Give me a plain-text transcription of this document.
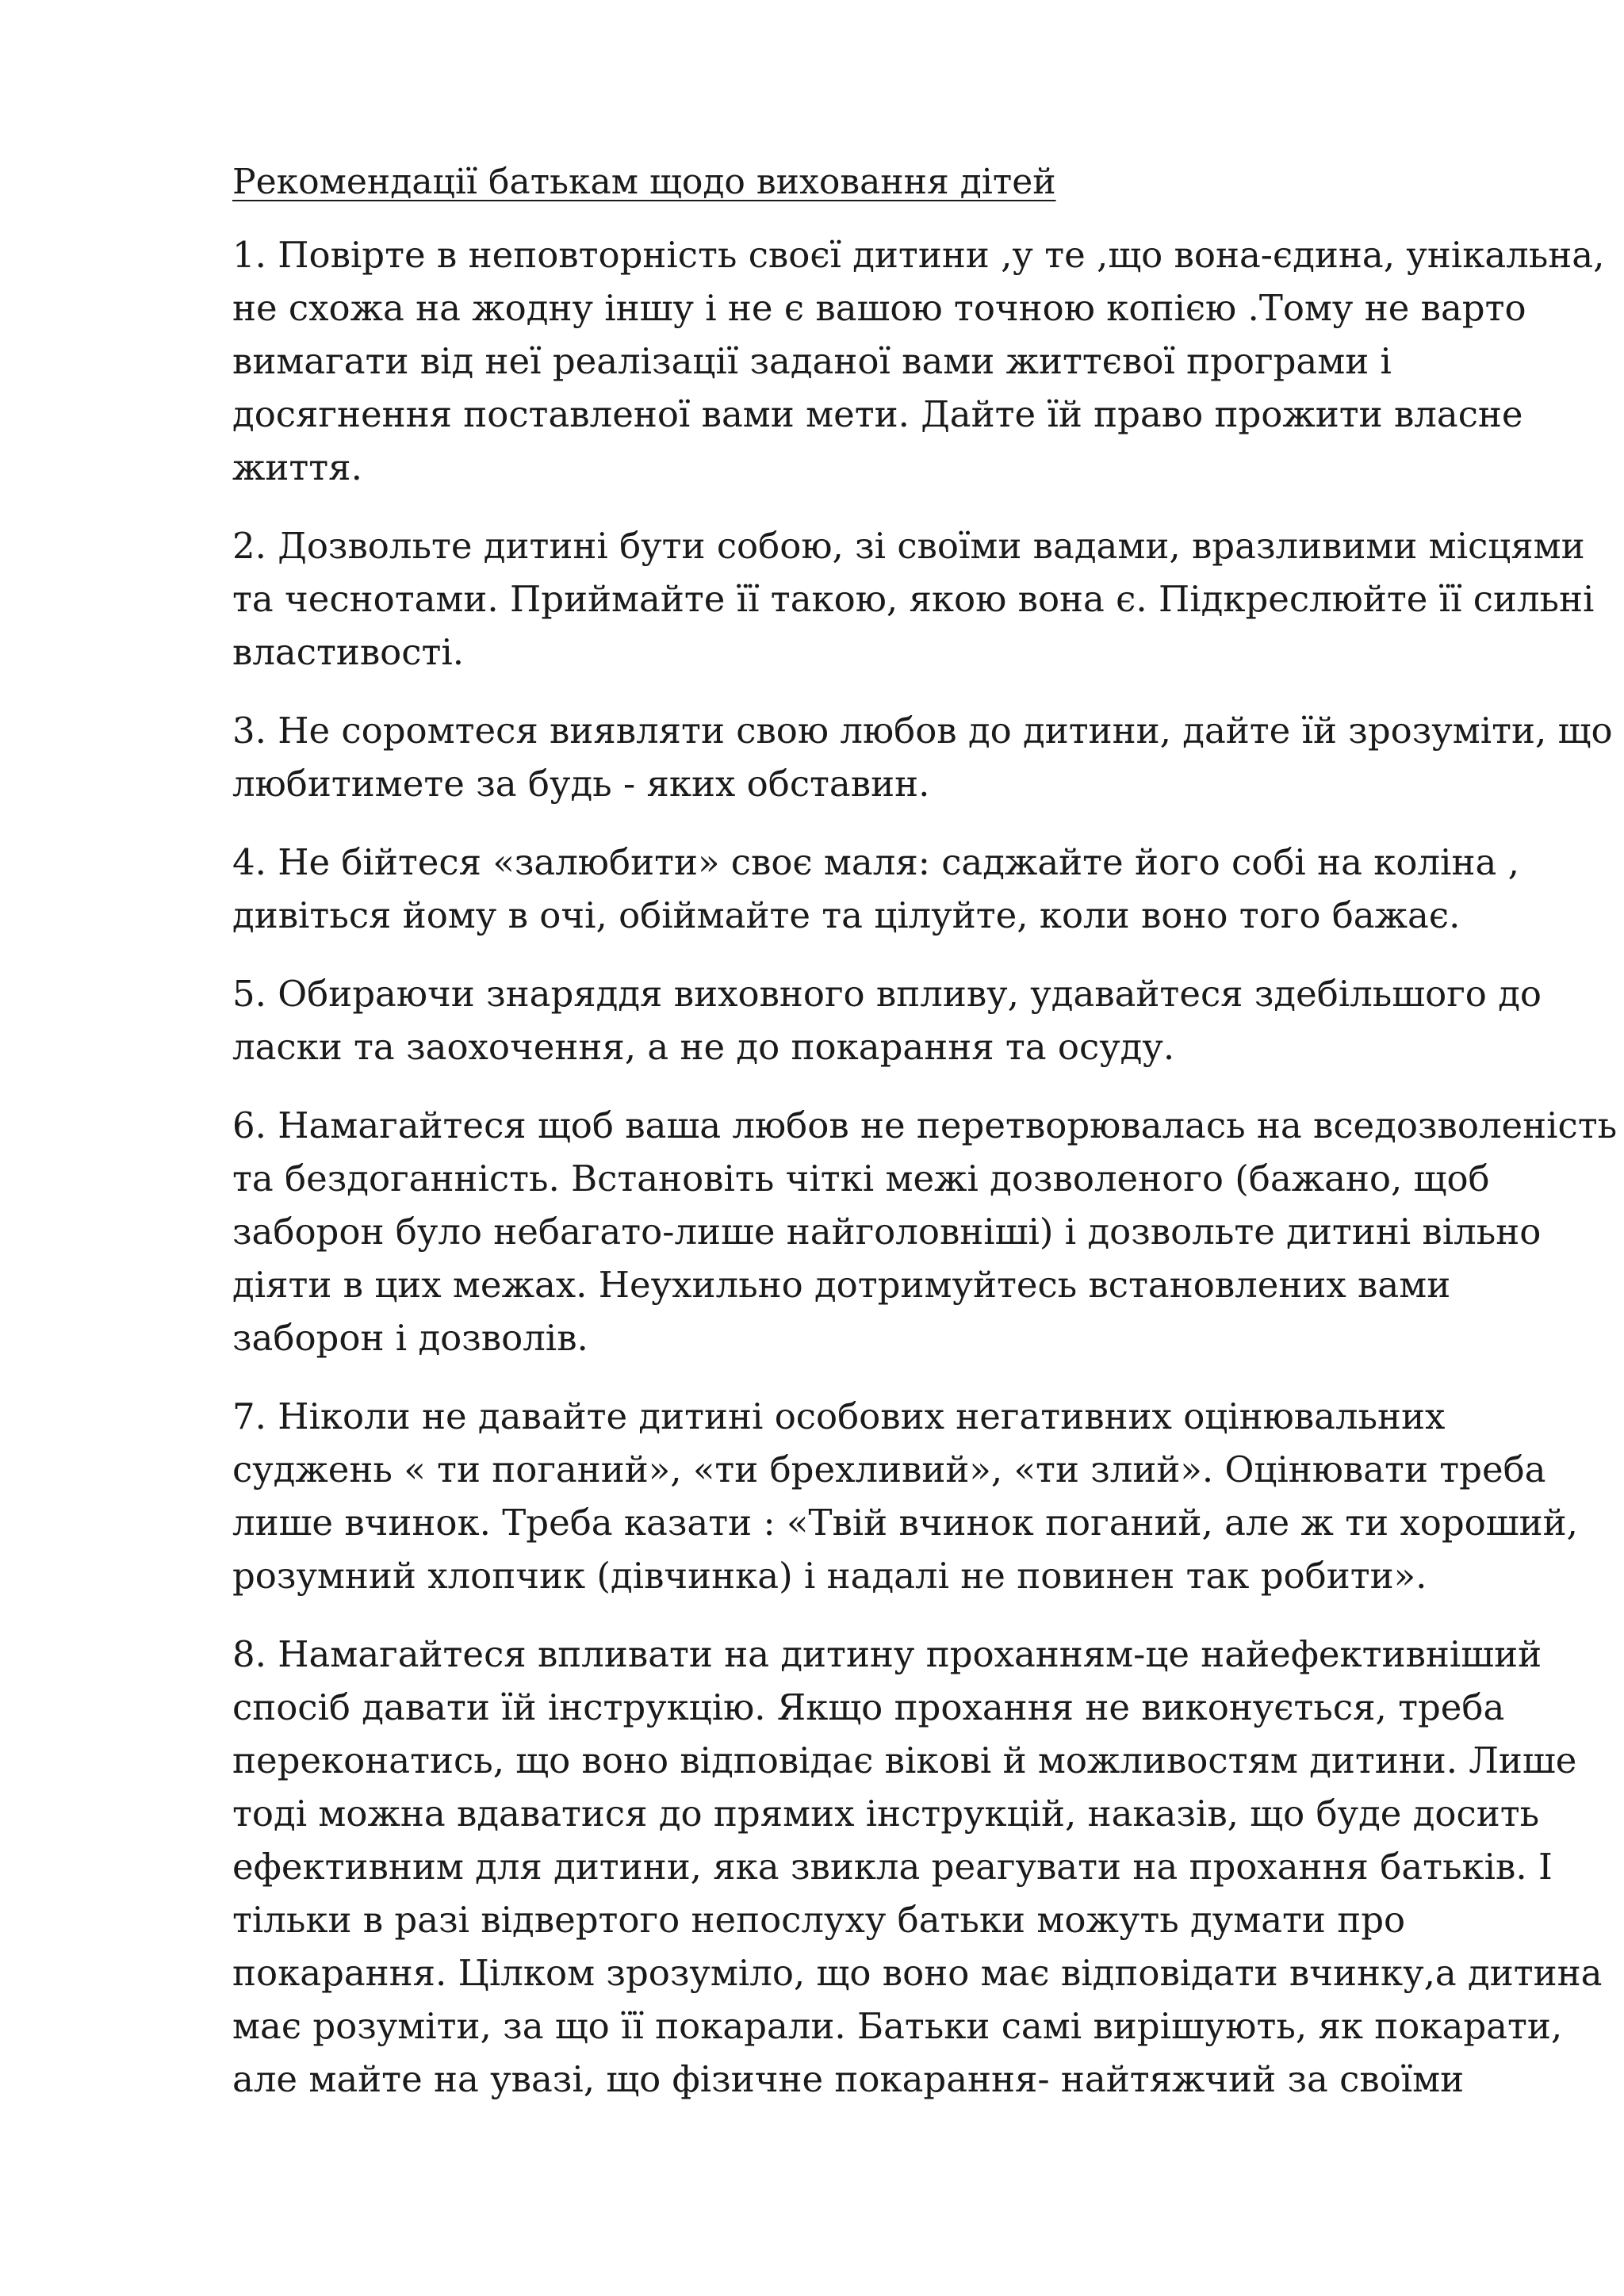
Рекомендації батькам щодо виховання дітей

1. Повірте в неповторність своєї дитини ,у те ,що вона-єдина, унікальна,
не схожа на жодну іншу і не є вашою точною копією .Тому не варто
вимагати від неї реалізації заданої вами життєвої програми і
досягнення поставленої вами мети. Дайте їй право прожити власне
життя.

2. Дозвольте дитині бути собою, зі своїми вадами, вразливими місцями
та чеснотами. Приймайте її такою, якою вона є. Підкреслюйте її сильні
властивості.

3. Не соромтеся виявляти свою любов до дитини, дайте їй зрозуміти, що
любитимете за будь - яких обставин.

4. Не бійтеся «залюбити» своє маля: саджайте його собі на коліна ,
дивіться йому в очі, обіймайте та цілуйте, коли воно того бажає.

5. Обираючи знаряддя виховного впливу, удавайтеся здебільшого до
ласки та заохочення, а не до покарання та осуду.

6. Намагайтеся щоб ваша любов не перетворювалась на вседозволеність
та бездоганність. Встановіть чіткі межі дозволеного (бажано, щоб
заборон було небагато-лише найголовніші) і дозвольте дитині вільно
діяти в цих межах. Неухильно дотримуйтесь встановлених вами
заборон і дозволів.

7. Ніколи не давайте дитині особових негативних оцінювальних
суджень « ти поганий», «ти брехливий», «ти злий». Оцінювати треба
лише вчинок. Треба казати : «Твій вчинок поганий, але ж ти хороший,
розумний хлопчик (дівчинка) і надалі не повинен так робити».

8. Намагайтеся впливати на дитину проханням-це найефективніший
спосіб давати їй інструкцію. Якщо прохання не виконується, треба
переконатись, що воно відповідає вікові й можливостям дитини. Лише
тоді можна вдаватися до прямих інструкцій, наказів, що буде досить
ефективним для дитини, яка звикла реагувати на прохання батьків. І
тільки в разі відвертого непослуху батьки можуть думати про
покарання. Цілком зрозуміло, що воно має відповідати вчинку,а дитина
має розуміти, за що її покарали. Батьки самі вирішують, як покарати,
але майте на увазі, що фізичне покарання- найтяжчий за своїми
